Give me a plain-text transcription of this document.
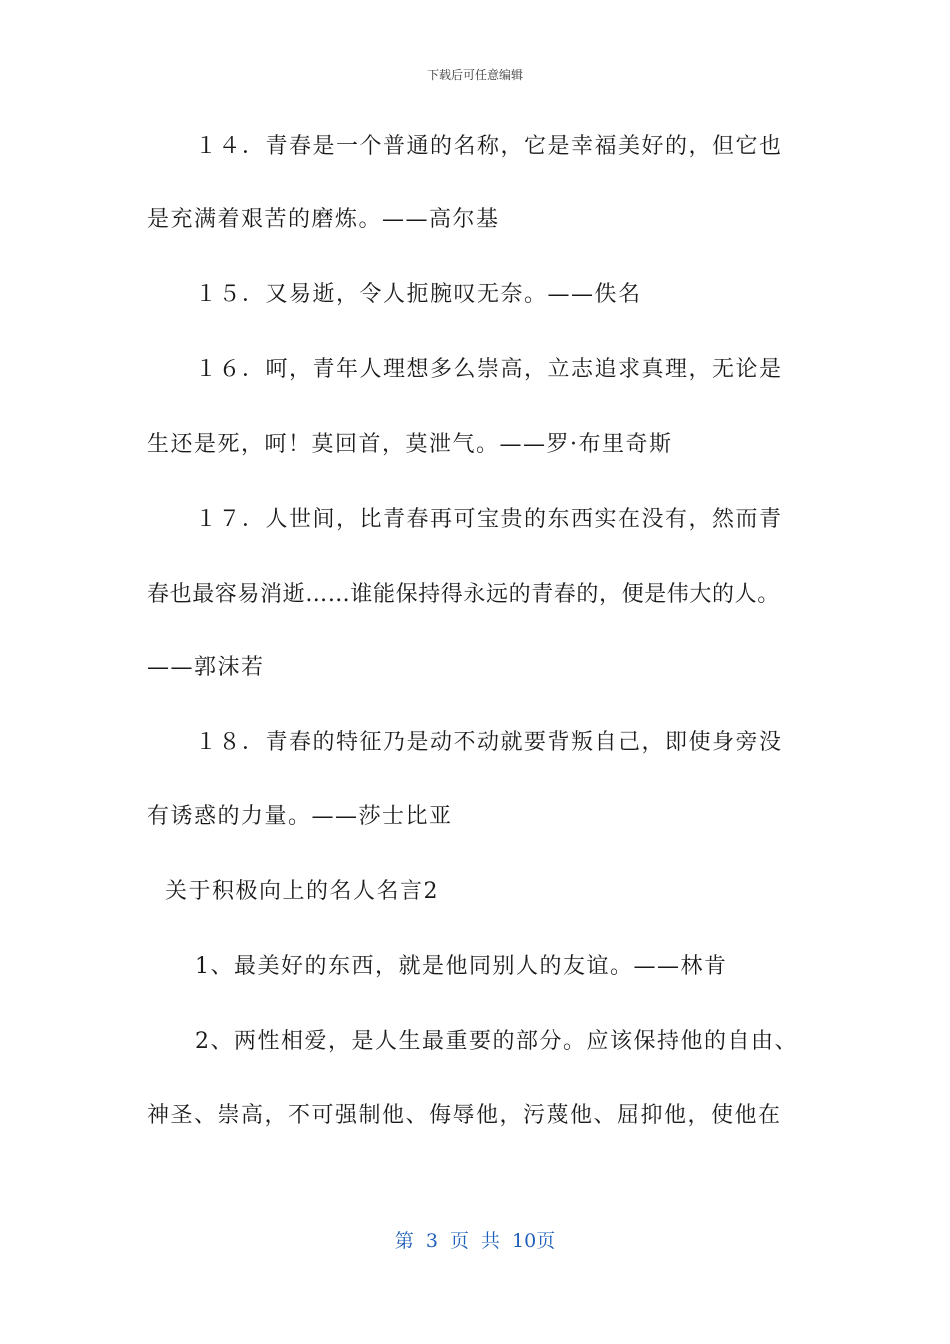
下载后可任意编辑
１４．青春是一个普通的名称，它是幸福美好的，但它也
是充满着艰苦的磨炼。——高尔基
１５．又易逝，令人扼腕叹无奈。——佚名
１６．呵，青年人理想多么崇高，立志追求真理，无论是
生还是死，呵！莫回首，莫泄气。——罗·布里奇斯
１７．人世间，比青春再可宝贵的东西实在没有，然而青
春也最容易消逝……谁能保持得永远的青春的，便是伟大的人。
——郭沫若
１８．青春的特征乃是动不动就要背叛自己，即使身旁没
有诱惑的力量。——莎士比亚
关于积极向上的名人名言2
1、最美好的东西，就是他同别人的友谊。——林肯
2、两性相爱，是人生最重要的部分。应该保持他的自由、
神圣、崇高，不可强制他、侮辱他，污蔑他、屈抑他，使他在
第 3 页 共 10页
